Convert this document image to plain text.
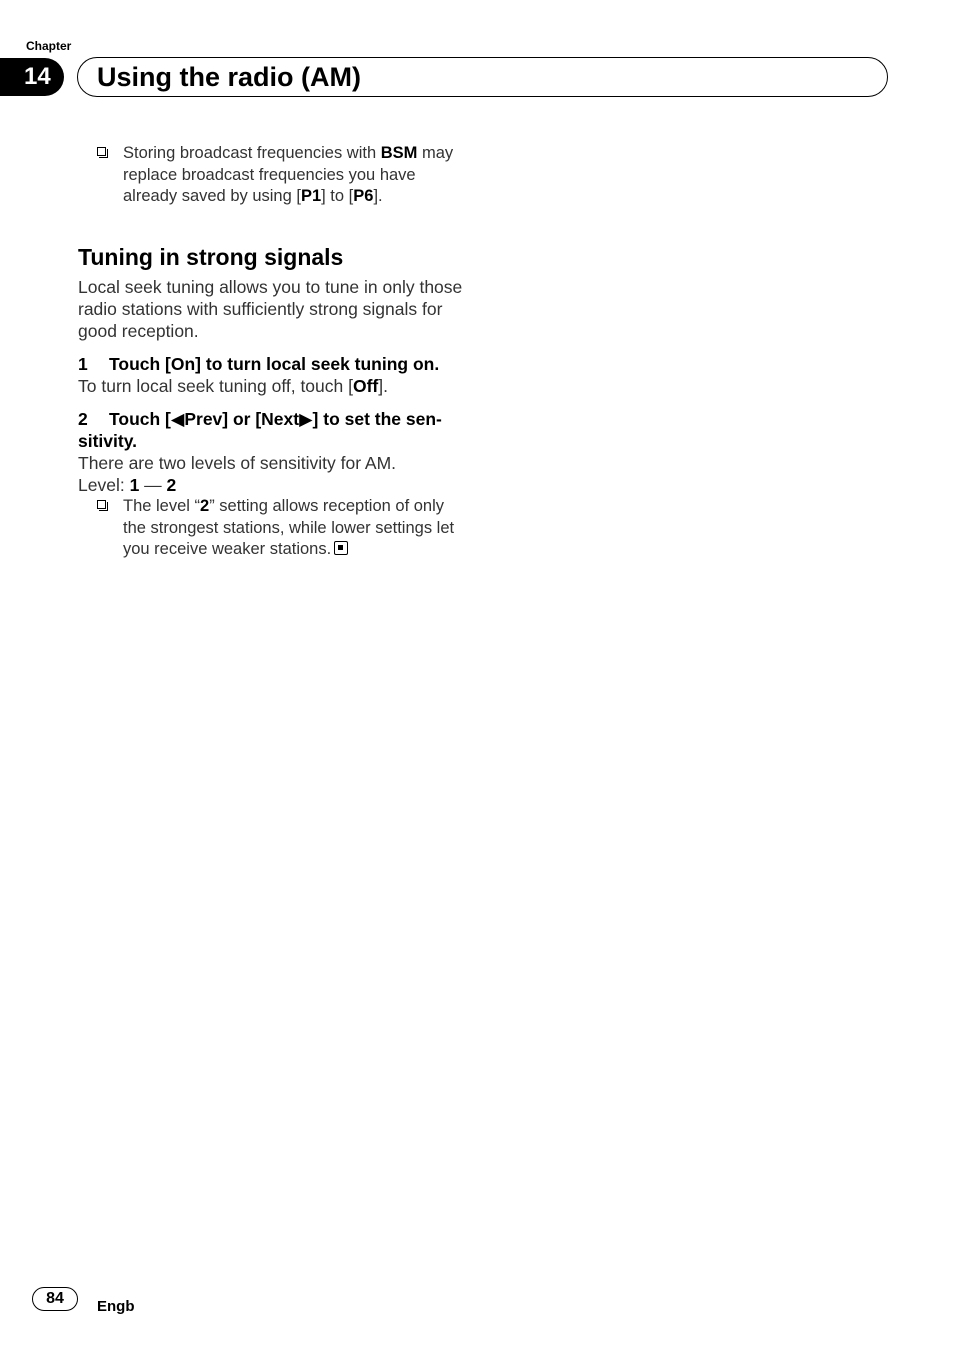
Chapter
14	Using the radio (AM)
Storing broadcast frequencies with BSM may replace broadcast frequencies you have already saved by using [P1] to [P6].
Tuning in strong signals

Local seek tuning allows you to tune in only those radio stations with sufficiently strong signals for good reception.

1 Touch [On] to turn local seek tuning on.

To turn local seek tuning off, touch [Off].

2 Touch [◀Prev] or [Next▶] to set the sen-sitivity.

There are two levels of sensitivity for AM.

Level: 1 — 2

The level “2” setting allows reception of only the strongest stations, while lower settings let you receive weaker stations.
84	Engb
